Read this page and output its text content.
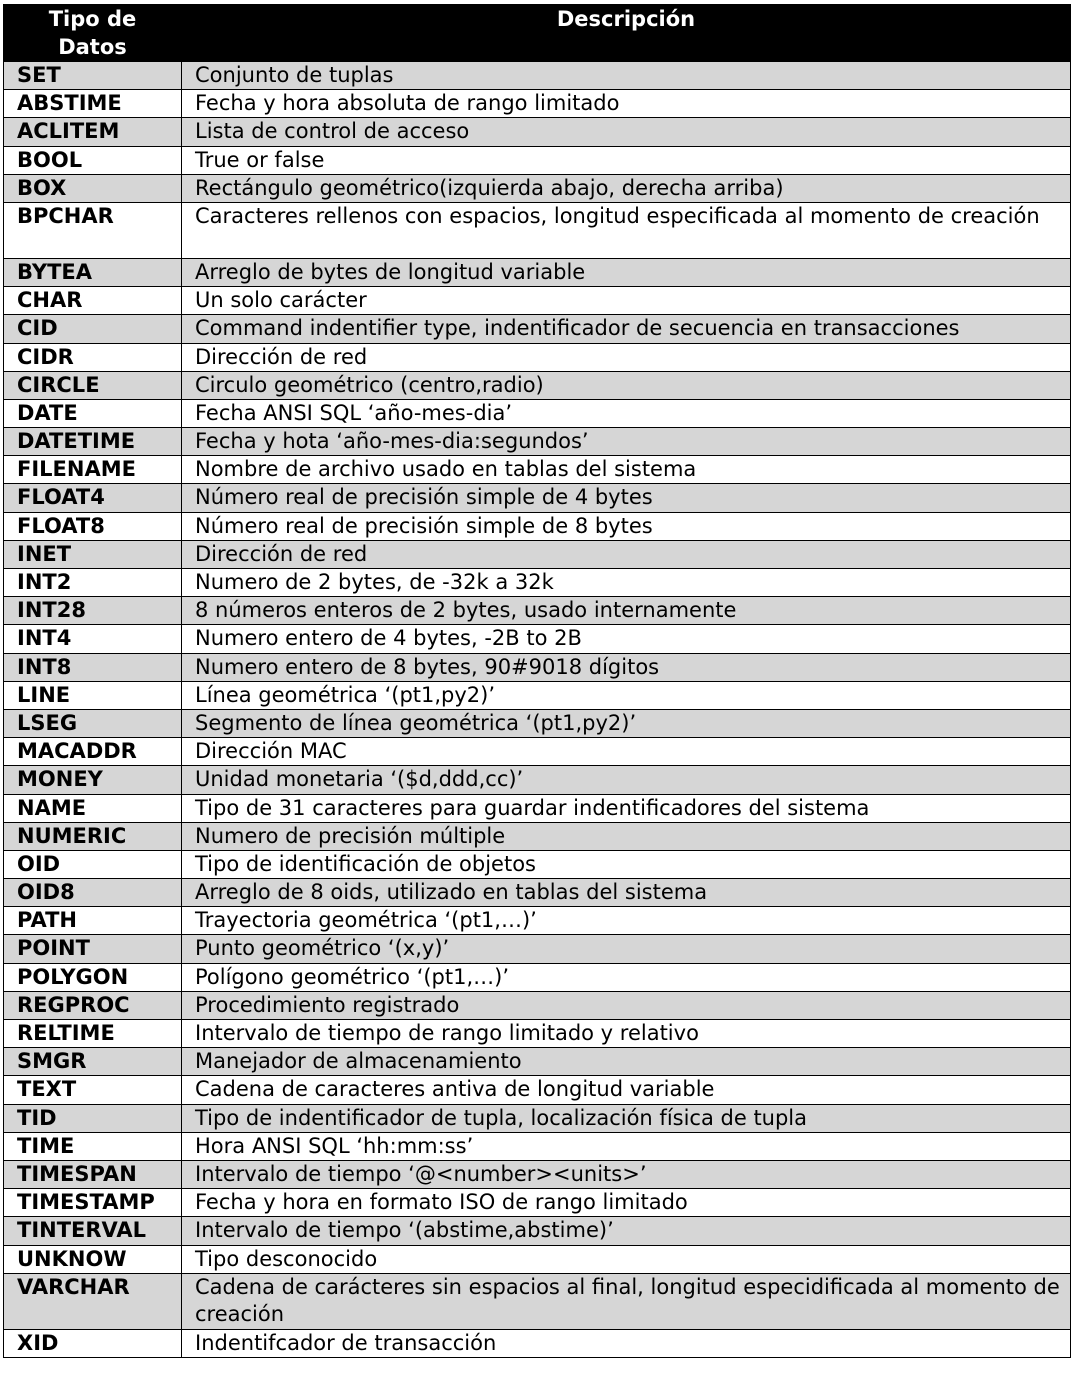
Tipo de
Datos	Descripción
SET	Conjunto de tuplas
ABSTIME	Fecha y hora absoluta de rango limitado
ACLITEM	Lista de control de acceso
BOOL	True or false
BOX	Rectángulo geométrico(izquierda abajo, derecha arriba)
BPCHAR	Caracteres rellenos con espacios, longitud especificada al momento de creación
BYTEA	Arreglo de bytes de longitud variable
CHAR	Un solo carácter
CID	Command indentifier type, indentificador de secuencia en transacciones
CIDR	Dirección de red
CIRCLE	Circulo geométrico (centro,radio)
DATE	Fecha ANSI SQL ‘año-mes-dia’
DATETIME	Fecha y hota ‘año-mes-dia:segundos’
FILENAME	Nombre de archivo usado en tablas del sistema
FLOAT4	Número real de precisión simple de 4 bytes
FLOAT8	Número real de precisión simple de 8 bytes
INET	Dirección de red
INT2	Numero de 2 bytes, de -32k a 32k
INT28	8 números enteros de 2 bytes, usado internamente
INT4	Numero entero de 4 bytes, -2B to 2B
INT8	Numero entero de 8 bytes, 90#9018 dígitos
LINE	Línea geométrica ‘(pt1,py2)’
LSEG	Segmento de línea geométrica ‘(pt1,py2)’
MACADDR	Dirección MAC
MONEY	Unidad monetaria ‘($d,ddd,cc)’
NAME	Tipo de 31 caracteres para guardar indentificadores del sistema
NUMERIC	Numero de precisión múltiple
OID	Tipo de identificación de objetos
OID8	Arreglo de 8 oids, utilizado en tablas del sistema
PATH	Trayectoria geométrica ‘(pt1,…)’
POINT	Punto geométrico ‘(x,y)’
POLYGON	Polígono geométrico ‘(pt1,…)’
REGPROC	Procedimiento registrado
RELTIME	Intervalo de tiempo de rango limitado y relativo
SMGR	Manejador de almacenamiento
TEXT	Cadena de caracteres antiva de longitud variable
TID	Tipo de indentificador de tupla, localización física de tupla
TIME	Hora ANSI SQL ‘hh:mm:ss’
TIMESPAN	Intervalo de tiempo ‘@<number><units>’
TIMESTAMP	Fecha y hora en formato ISO de rango limitado
TINTERVAL	Intervalo de tiempo ‘(abstime,abstime)’
UNKNOW	Tipo desconocido
VARCHAR	Cadena de carácteres sin espacios al final, longitud especidificada al momento de creación
XID	Indentifcador de transacción
